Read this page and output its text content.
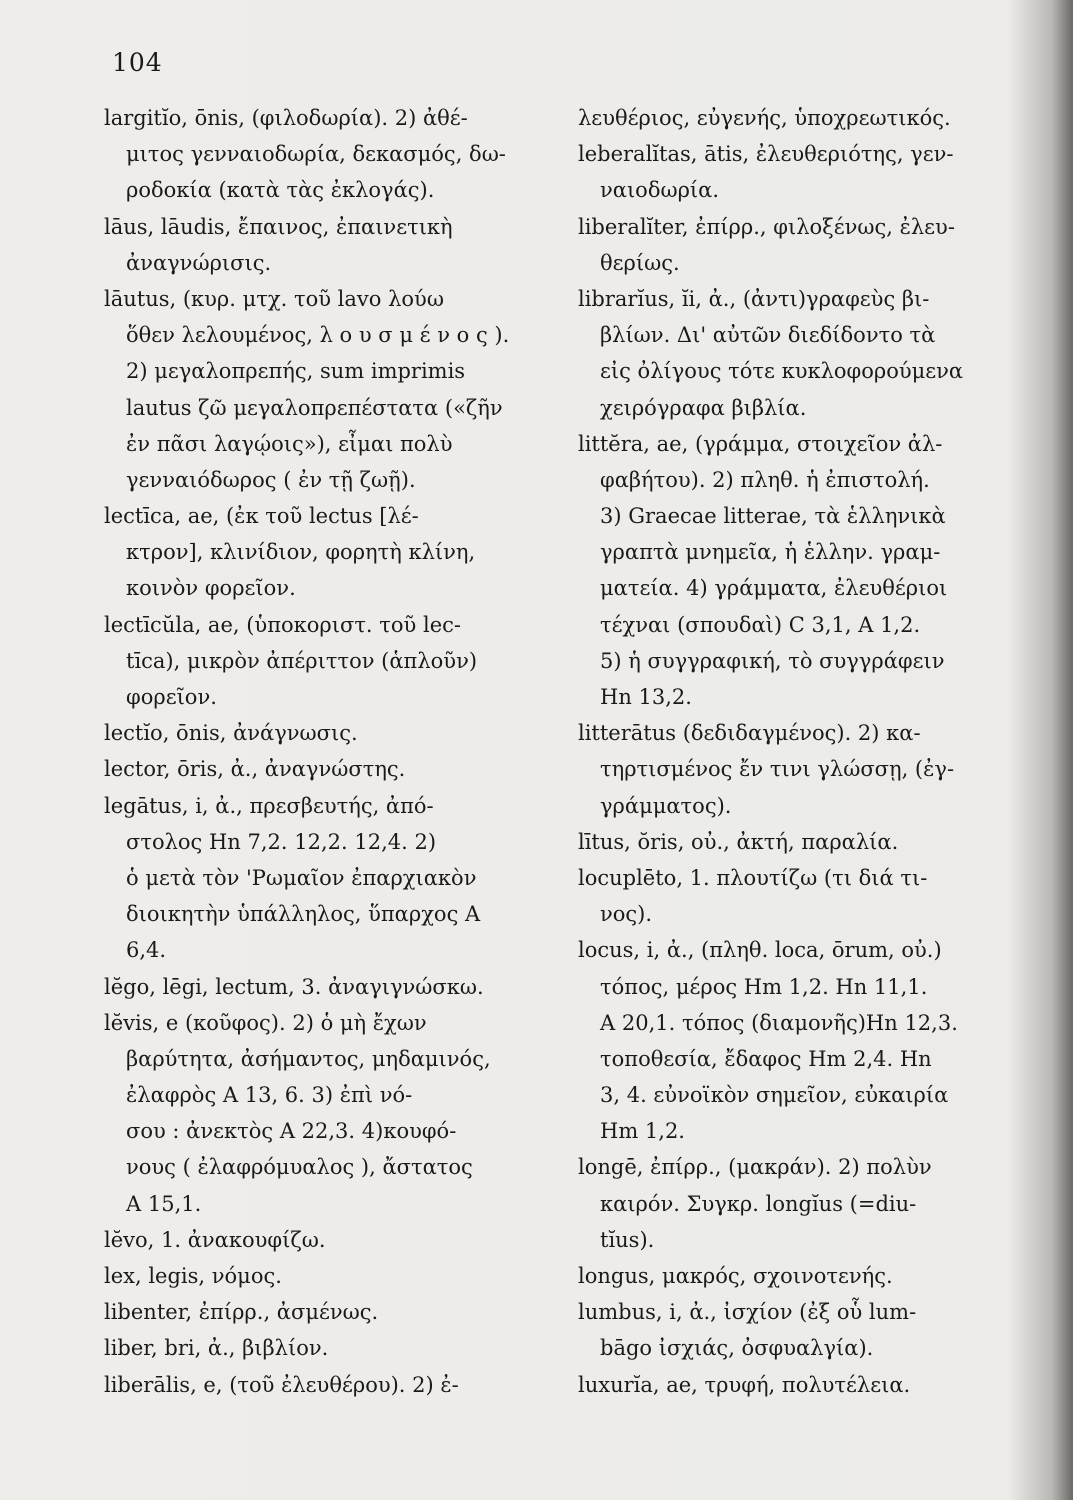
104
largitĭo, ōnis, (φιλοδωρία). 2) ἀθέ-
μιτος γενναιοδωρία, δεκασμός, δω-
ροδοκία (κατὰ τὰς ἐκλογάς).
lāus, lāudis, ἔπαινος, ἐπαινετικὴ
ἀναγνώρισις.
lāutus, (κυρ. μτχ. τοῦ lavo λούω
ὅθεν λελουμένος, λ ο υ σ μ έ ν ο ς ).
2) μεγαλοπρεπής, sum imprimis
lautus ζῶ μεγαλοπρεπέστατα («ζῆν
ἐν πᾶσι λαγῴοις»), εἶμαι πολὺ
γενναιόδωρος ( ἐν τῇ ζωῇ).
lectīca, ae, (ἐκ τοῦ lectus [λέ-
κτρον], κλινίδιον, φορητὴ κλίνη,
κοινὸν φορεῖον.
lectīcŭla, ae, (ὑποκοριστ. τοῦ lec-
tīca), μικρὸν ἀπέριττον (ἁπλοῦν)
φορεῖον.
lectĭo, ōnis, ἀνάγνωσις.
lector, ōris, ἀ., ἀναγνώστης.
legātus, i, ἀ., πρεσβευτής, ἀπό-
στολος Hn 7,2. 12,2. 12,4. 2)
ὁ μετὰ τὸν 'Ρωμαῖον ἐπαρχιακὸν
διοικητὴν ὑπάλληλος, ὕπαρχος A
6,4.
lĕgo, lēgi, lectum, 3. ἀναγιγνώσκω.
lĕvis, e (κοῦφος). 2) ὁ μὴ ἔχων
βαρύτητα, ἀσήμαντος, μηδαμινός,
ἐλαφρὸς A 13, 6. 3) ἐπὶ νό-
σου : ἀνεκτὸς A 22,3. 4)κουφό-
νους ( ἐλαφρόμυαλος ), ἄστατος
A 15,1.
lĕvo, 1. ἀνακουφίζω.
lex, legis, νόμος.
libenter, ἐπίρρ., ἀσμένως.
liber, bri, ἀ., βιβλίον.
liberālis, e, (τοῦ ἐλευθέρου). 2) ἐ-
λευθέριος, εὐγενής, ὑποχρεωτικός.
leberalĭtas, ātis, ἐλευθεριότης, γεν-
ναιοδωρία.
liberalĭter, ἐπίρρ., φιλοξένως, ἐλευ-
θερίως.
librarĭus, ĭi, ἀ., (ἀντι)γραφεὺς βι-
βλίων. Δι' αὐτῶν διεδίδοντο τὰ
εἰς ὀλίγους τότε κυκλοφορούμενα
χειρόγραφα βιβλία.
littĕra, ae, (γράμμα, στοιχεῖον ἀλ-
φαβήτου). 2) πληθ. ἡ ἐπιστολή.
3) Graecae litterae, τὰ ἑλληνικὰ
γραπτὰ μνημεῖα, ἡ ἑλλην. γραμ-
ματεία. 4) γράμματα, ἐλευθέριοι
τέχναι (σπουδαὶ) C 3,1, A 1,2.
5) ἡ συγγραφική, τὸ συγγράφειν
Hn 13,2.
litterātus (δεδιδαγμένος). 2) κα-
τηρτισμένος ἔν τινι γλώσσῃ, (ἐγ-
γράμματος).
lītus, ŏris, οὐ., ἀκτή, παραλία.
locuplēto, 1. πλουτίζω (τι διά τι-
νος).
locus, i, ἀ., (πληθ. loca, ōrum, οὐ.)
τόπος, μέρος Hm 1,2. Hn 11,1.
A 20,1. τόπος (διαμονῆς)Hn 12,3.
τοποθεσία, ἔδαφος Hm 2,4. Hn
3, 4. εὐνοϊκὸν σημεῖον, εὐκαιρία
Hm 1,2.
longē, ἐπίρρ., (μακράν). 2) πολὺν
καιρόν. Συγκρ. longĭus (=diu-
tĭus).
longus, μακρός, σχοινοτενής.
lumbus, i, ἀ., ἰσχίον (ἐξ οὗ lum-
bāgo ἰσχιάς, ὀσφυαλγία).
luxurĭa, ae, τρυφή, πολυτέλεια.
